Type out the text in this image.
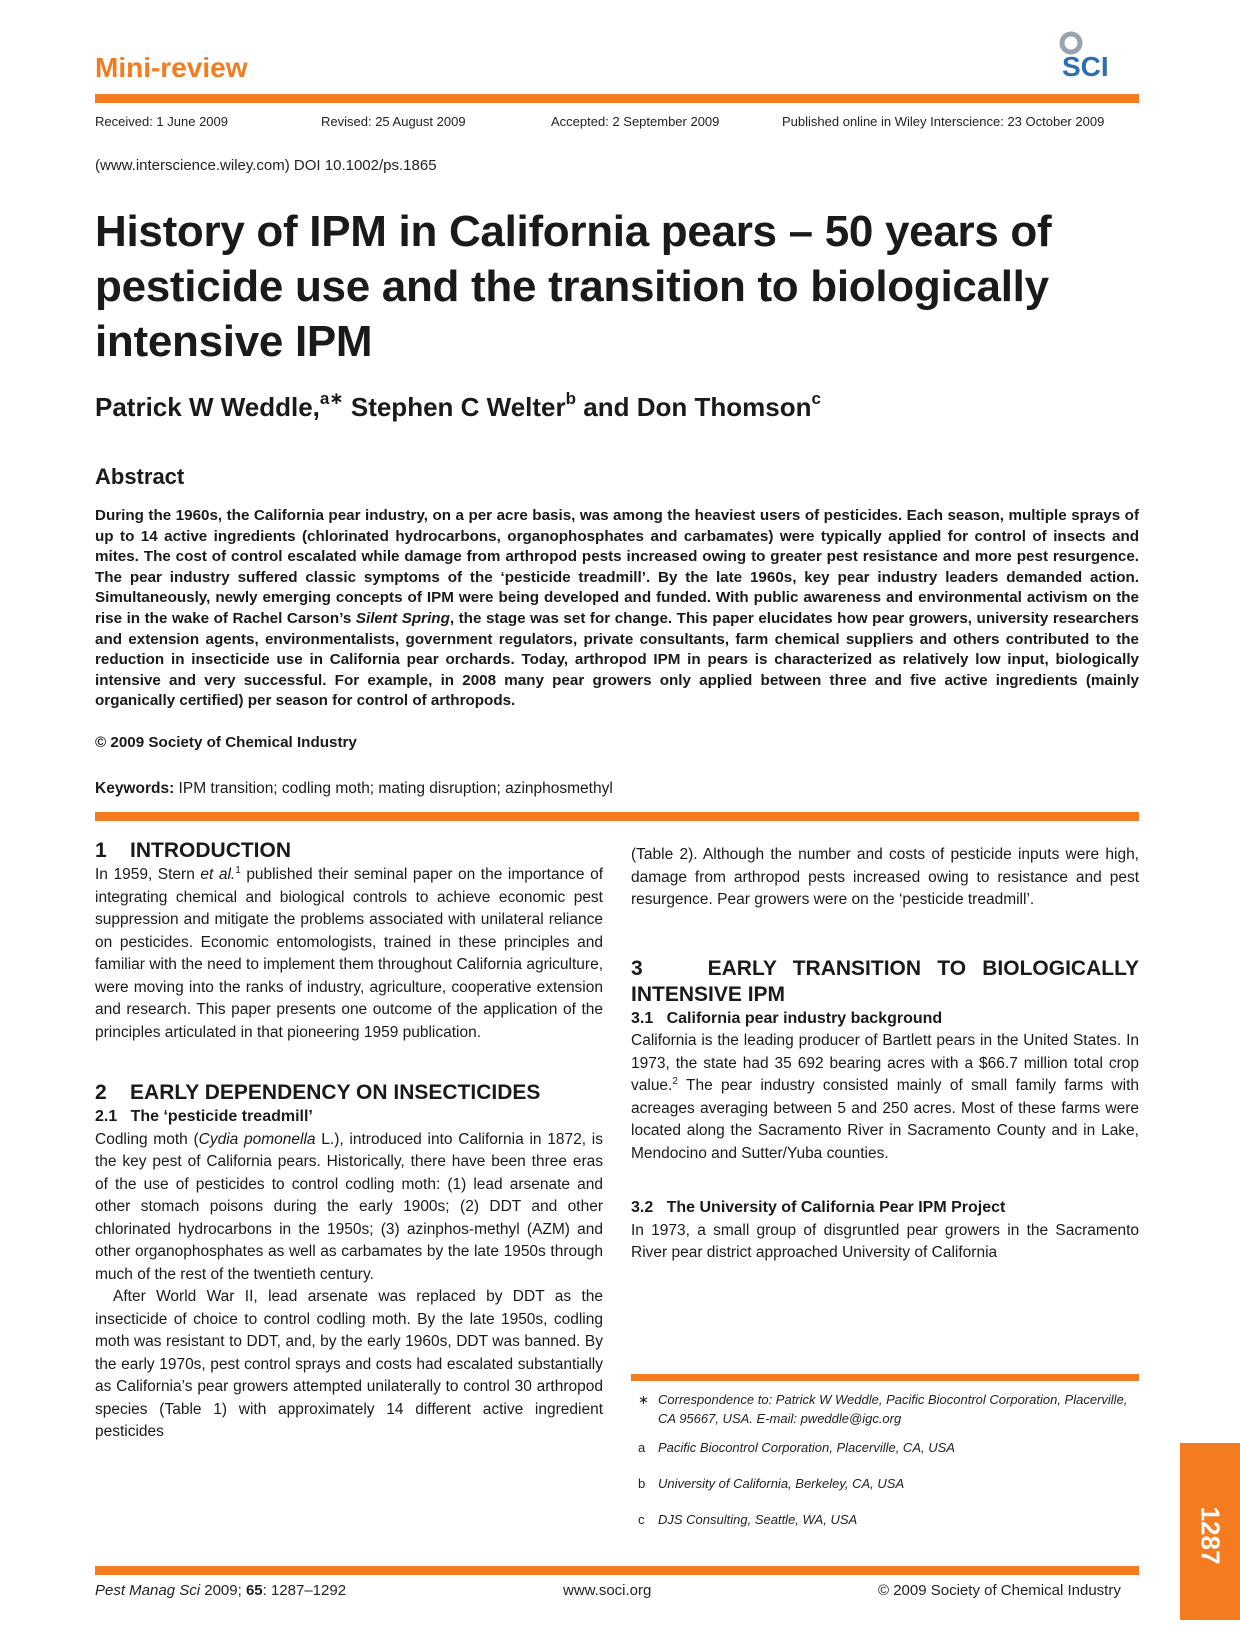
Mini-review	SCI
Received: 1 June 2009	Revised: 25 August 2009	Accepted: 2 September 2009	Published online in Wiley Interscience: 23 October 2009
(www.interscience.wiley.com) DOI 10.1002/ps.1865
History of IPM in California pears – 50 years of pesticide use and the transition to biologically intensive IPM
Patrick W Weddle,$^{a∗}$ Stephen C Welter$^b$ and Don Thomson$^c$
Abstract
During the 1960s, the California pear industry, on a per acre basis, was among the heaviest users of pesticides. Each season, multiple sprays of up to 14 active ingredients (chlorinated hydrocarbons, organophosphates and carbamates) were typically applied for control of insects and mites. The cost of control escalated while damage from arthropod pests increased owing to greater pest resistance and more pest resurgence. The pear industry suffered classic symptoms of the ‘pesticide treadmill’. By the late 1960s, key pear industry leaders demanded action. Simultaneously, newly emerging concepts of IPM were being developed and funded. With public awareness and environmental activism on the rise in the wake of Rachel Carson’s Silent Spring, the stage was set for change. This paper elucidates how pear growers, university researchers and extension agents, environmentalists, government regulators, private consultants, farm chemical suppliers and others contributed to the reduction in insecticide use in California pear orchards. Today, arthropod IPM in pears is characterized as relatively low input, biologically intensive and very successful. For example, in 2008 many pear growers only applied between three and five active ingredients (mainly organically certified) per season for control of arthropods.
© 2009 Society of Chemical Industry
Keywords: IPM transition; codling moth; mating disruption; azinphosmethyl
1 INTRODUCTION

In 1959, Stern et al.$^1$ published their seminal paper on the importance of integrating chemical and biological controls to achieve economic pest suppression and mitigate the problems associated with unilateral reliance on pesticides. Economic entomologists, trained in these principles and familiar with the need to implement them throughout California agriculture, were moving into the ranks of industry, agriculture, cooperative extension and research. This paper presents one outcome of the application of the principles articulated in that pioneering 1959 publication.

2 EARLY DEPENDENCY ON INSECTICIDES
2.1 The ‘pesticide treadmill’

Codling moth (Cydia pomonella L.), introduced into California in 1872, is the key pest of California pears. Historically, there have been three eras of the use of pesticides to control codling moth: (1) lead arsenate and other stomach poisons during the early 1900s; (2) DDT and other chlorinated hydrocarbons in the 1950s; (3) azinphos-methyl (AZM) and other organophosphates as well as carbamates by the late 1950s through much of the rest of the twentieth century.

After World War II, lead arsenate was replaced by DDT as the insecticide of choice to control codling moth. By the late 1950s, codling moth was resistant to DDT, and, by the early 1960s, DDT was banned. By the early 1970s, pest control sprays and costs had escalated substantially as California’s pear growers attempted unilaterally to control 30 arthropod species (Table 1) with approximately 14 different active ingredient pesticides

(Table 2). Although the number and costs of pesticide inputs were high, damage from arthropod pests increased owing to resistance and pest resurgence. Pear growers were on the ‘pesticide treadmill’.

3	EARLY TRANSITION TO BIOLOGICALLY INTENSIVE IPM
3.1 California pear industry background

California is the leading producer of Bartlett pears in the United States. In 1973, the state had 35 692 bearing acres with a $66.7 million total crop value.$^2$ The pear industry consisted mainly of small family farms with acreages averaging between 5 and 250 acres. Most of these farms were located along the Sacramento River in Sacramento County and in Lake, Mendocino and Sutter/Yuba counties.

3.2 The University of California Pear IPM Project

In 1973, a small group of disgruntled pear growers in the Sacramento River pear district approached University of California

∗ Correspondence to: Patrick W Weddle, Pacific Biocontrol Corporation, Placerville, CA 95667, USA. E-mail: pweddle@igc.org
a Pacific Biocontrol Corporation, Placerville, CA, USA
b University of California, Berkeley, CA, USA
c	DJS Consulting, Seattle, WA, USA
Pest Manag Sci 2009; 65: 1287–1292	www.soci.org	© 2009 Society of Chemical Industry
1287
